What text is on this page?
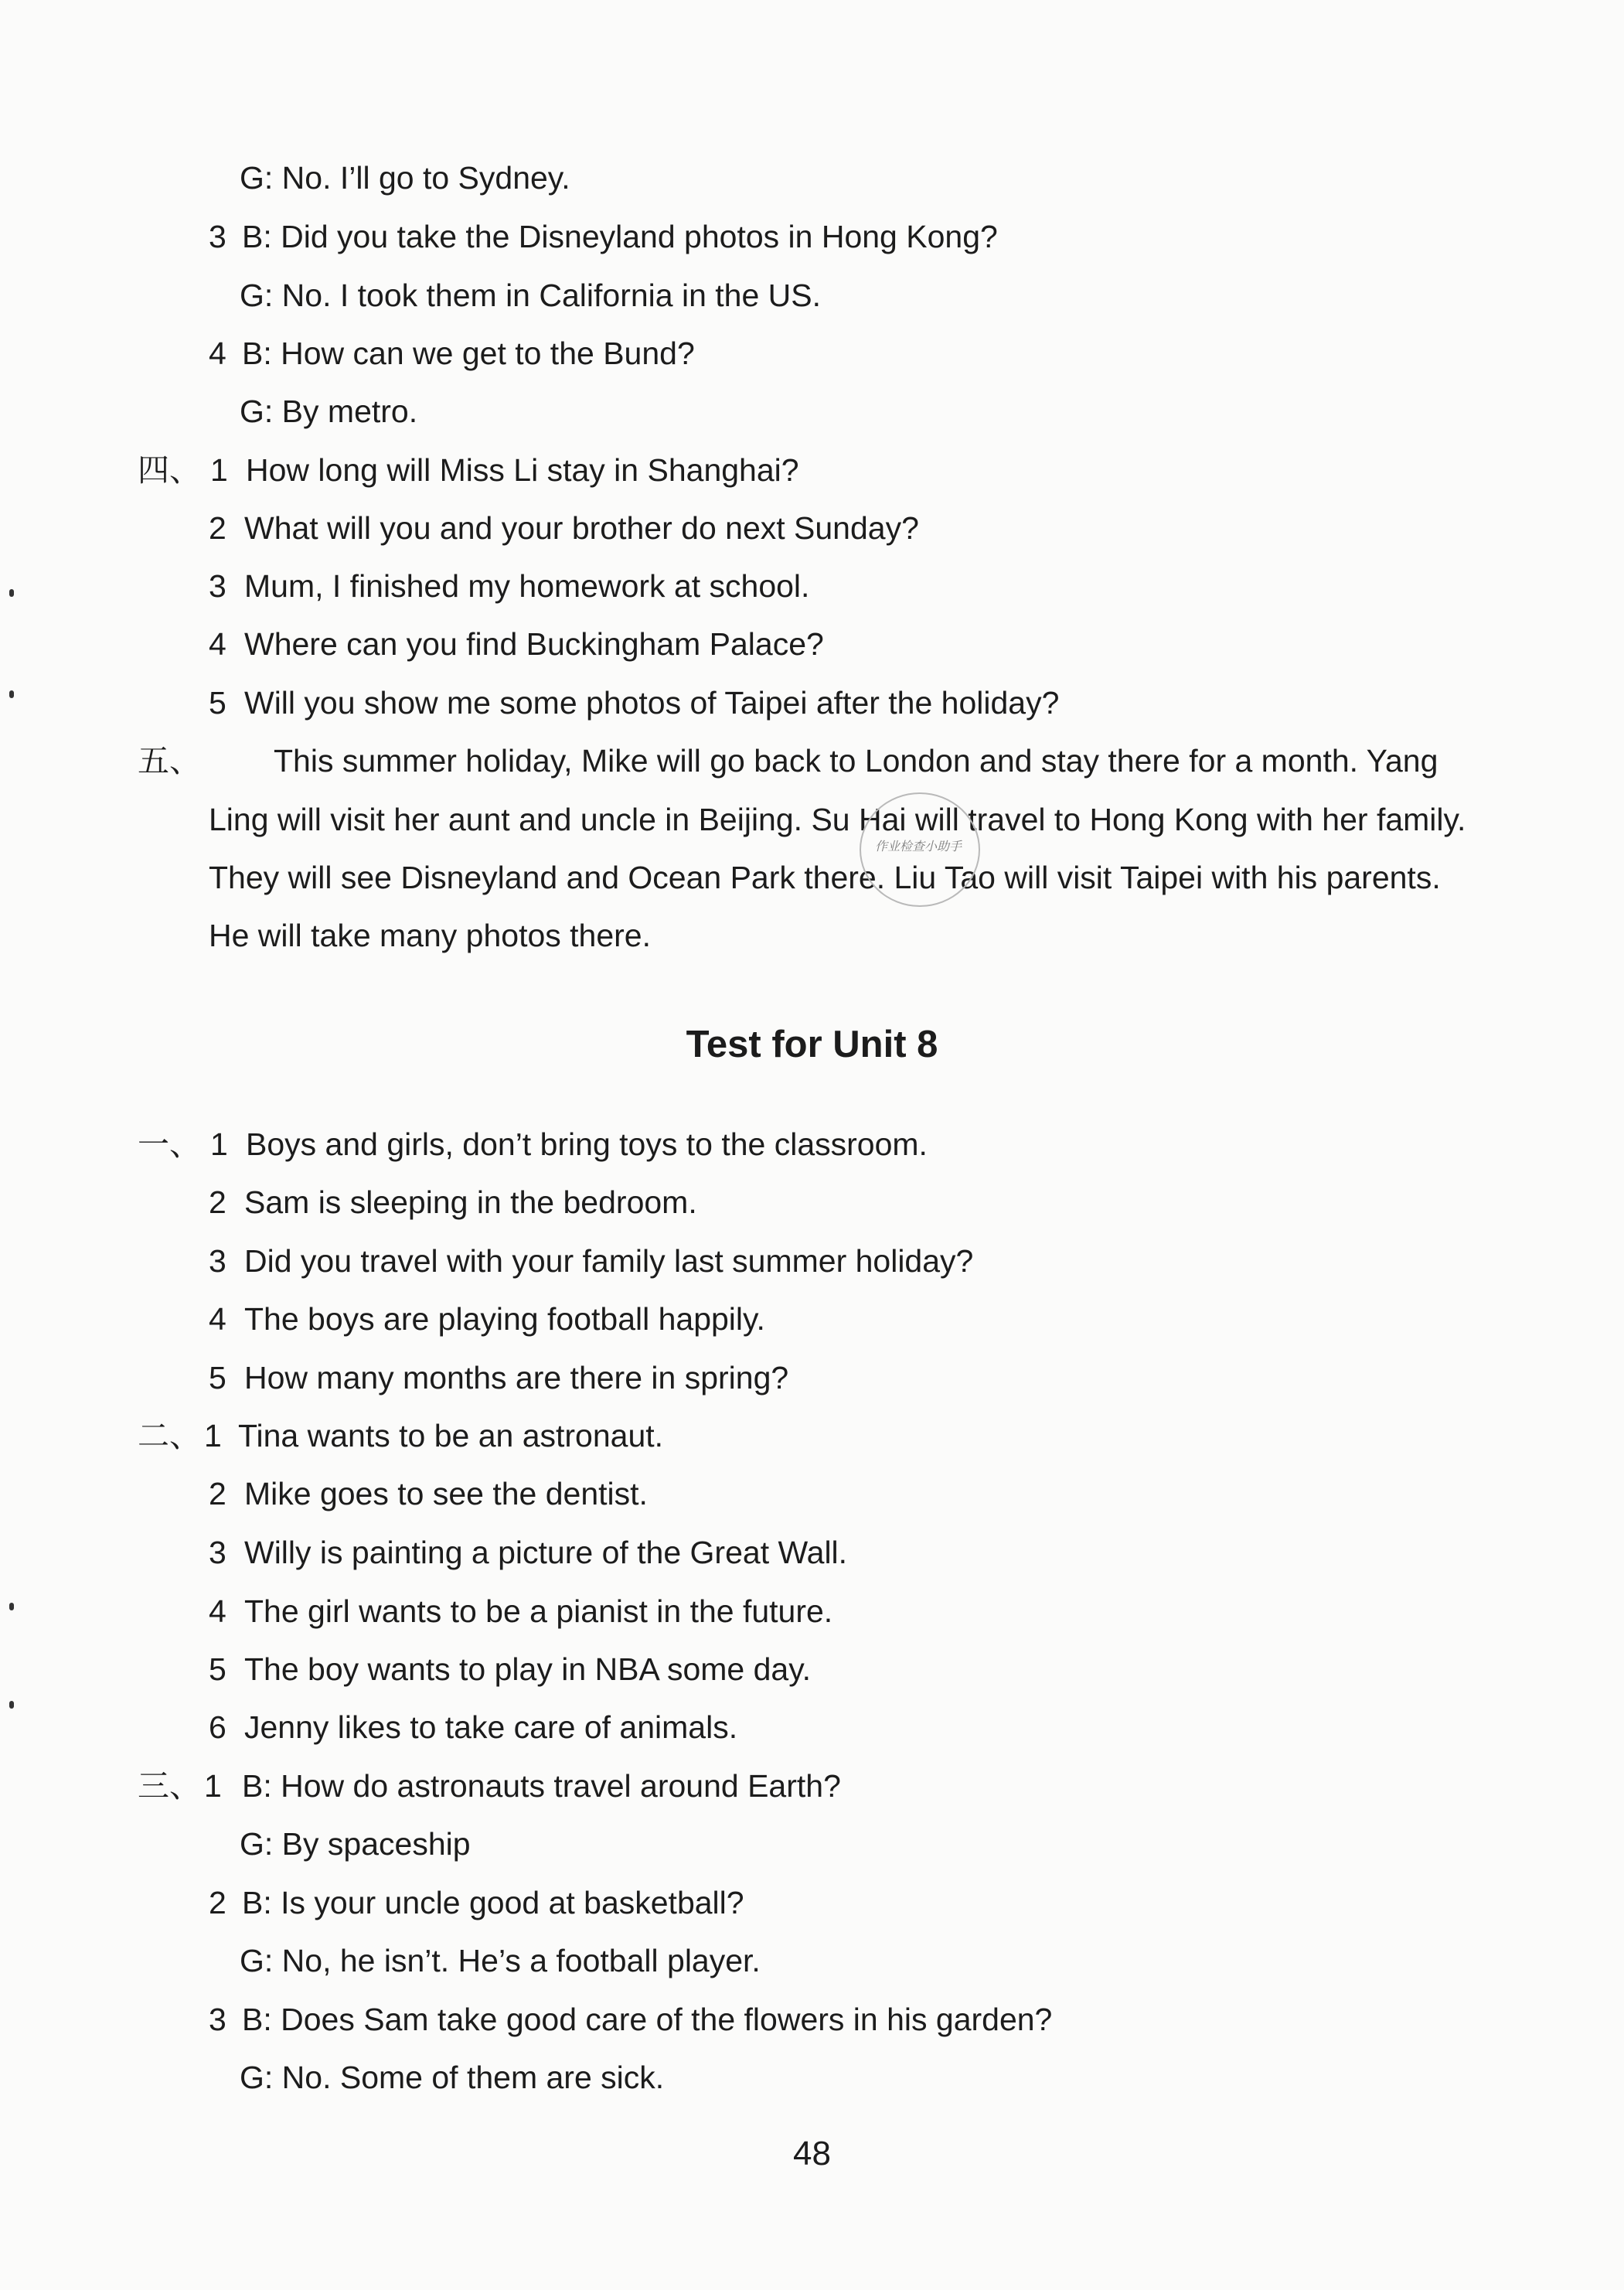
G: No. I’ll go to Sydney.
3 B: Did you take the Disneyland photos in Hong Kong?
G: No. I took them in California in the US.
4 B: How can we get to the Bund?
G: By metro.
四、 1 How long will Miss Li stay in Shanghai?
2 What will you and your brother do next Sunday?
3 Mum, I finished my homework at school.
4 Where can you find Buckingham Palace?
5 Will you show me some photos of Taipei after the holiday?
五、 This summer holiday, Mike will go back to London and stay there for a month. Yang
Ling will visit her aunt and uncle in Beijing. Su Hai will travel to Hong Kong with her family.
They will see Disneyland and Ocean Park there. Liu Tao will visit Taipei with his parents.
He will take many photos there.
作业检查小助手
Test for Unit 8
一、 1 Boys and girls, don’t bring toys to the classroom.
2 Sam is sleeping in the bedroom.
3 Did you travel with your family last summer holiday?
4 The boys are playing football happily.
5 How many months are there in spring?
二、 1 Tina wants to be an astronaut.
2 Mike goes to see the dentist.
3 Willy is painting a picture of the Great Wall.
4 The girl wants to be a pianist in the future.
5 The boy wants to play in NBA some day.
6 Jenny likes to take care of animals.
三、 1 B: How do astronauts travel around Earth?
G: By spaceship
2 B: Is your uncle good at basketball?
G: No, he isn’t. He’s a football player.
3 B: Does Sam take good care of the flowers in his garden?
G: No. Some of them are sick.
48
